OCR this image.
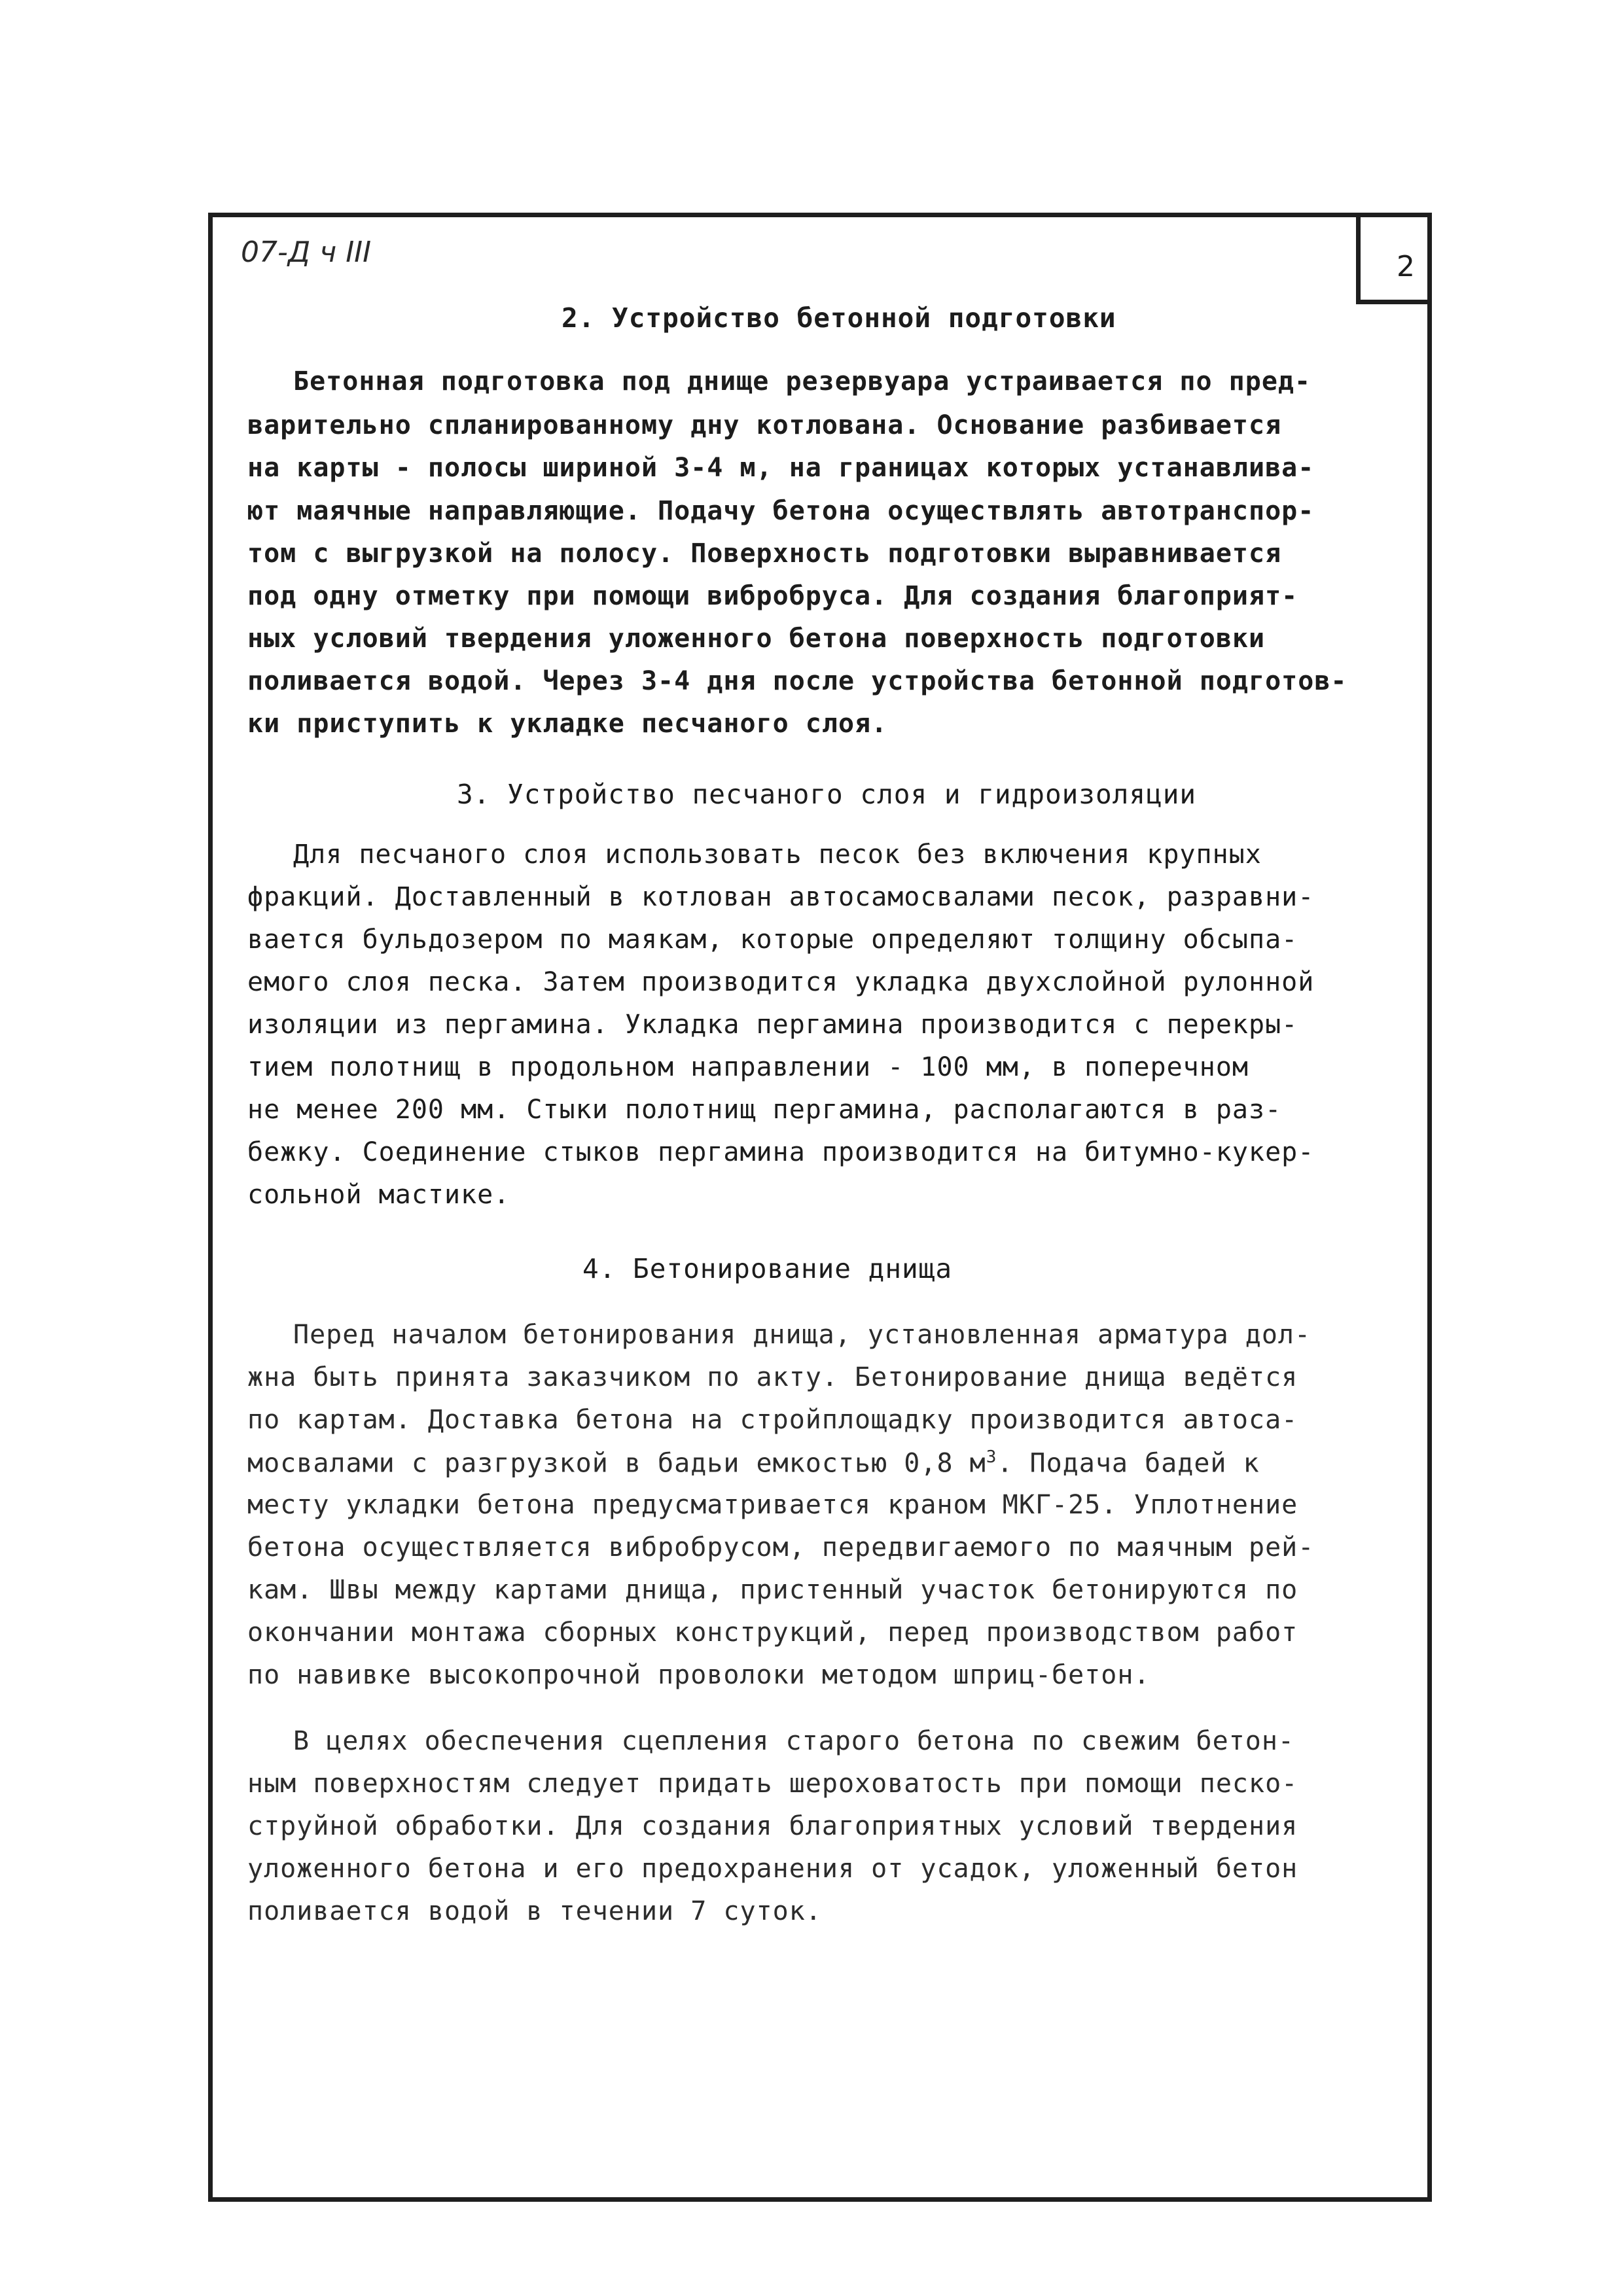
2
07-Д ч III
2. Устройство бетонной подготовки
Бетонная подготовка под днище резервуара устраивается по пред-
варительно спланированному дну котлована. Основание разбивается
на карты - полосы шириной 3-4 м, на границах которых устанавлива-
ют маячные направляющие. Подачу бетона осуществлять автотранспор-
том с выгрузкой на полосу. Поверхность подготовки выравнивается
под одну отметку при помощи вибробруса. Для создания благоприят-
ных условий твердения уложенного бетона поверхность подготовки
поливается водой. Через 3-4 дня после устройства бетонной подготов-
ки приступить к укладке песчаного слоя.
3. Устройство песчаного слоя и гидроизоляции
Для песчаного слоя использовать песок без включения крупных
фракций. Доставленный в котлован автосамосвалами песок, разравни-
вается бульдозером по маякам, которые определяют толщину обсыпа-
емого слоя песка. Затем производится укладка двухслойной рулонной
изоляции из пергамина. Укладка пергамина производится с перекры-
тием полотнищ в продольном направлении - 100 мм, в поперечном
не менее 200 мм. Стыки полотнищ пергамина, располагаются в раз-
бежку. Соединение стыков пергамина производится на битумно-кукер-
сольной мастике.
4. Бетонирование днища
Перед началом бетонирования днища, установленная арматура дол-
жна быть принята заказчиком по акту. Бетонирование днища ведётся
по картам. Доставка бетона на стройплощадку производится автоса-
мосвалами с разгрузкой в бадьи емкостью 0,8 $м^3$. Подача бадей к
месту укладки бетона предусматривается краном МКГ-25. Уплотнение
бетона осуществляется вибробрусом, передвигаемого по маячным рей-
кам. Швы между картами днища, пристенный участок бетонируются по
окончании монтажа сборных конструкций, перед производством работ
по навивке высокопрочной проволоки методом шприц-бетон.
В целях обеспечения сцепления старого бетона по свежим бетон-
ным поверхностям следует придать шероховатость при помощи песко-
струйной обработки. Для создания благоприятных условий твердения
уложенного бетона и его предохранения от усадок, уложенный бетон
поливается водой в течении 7 суток.
